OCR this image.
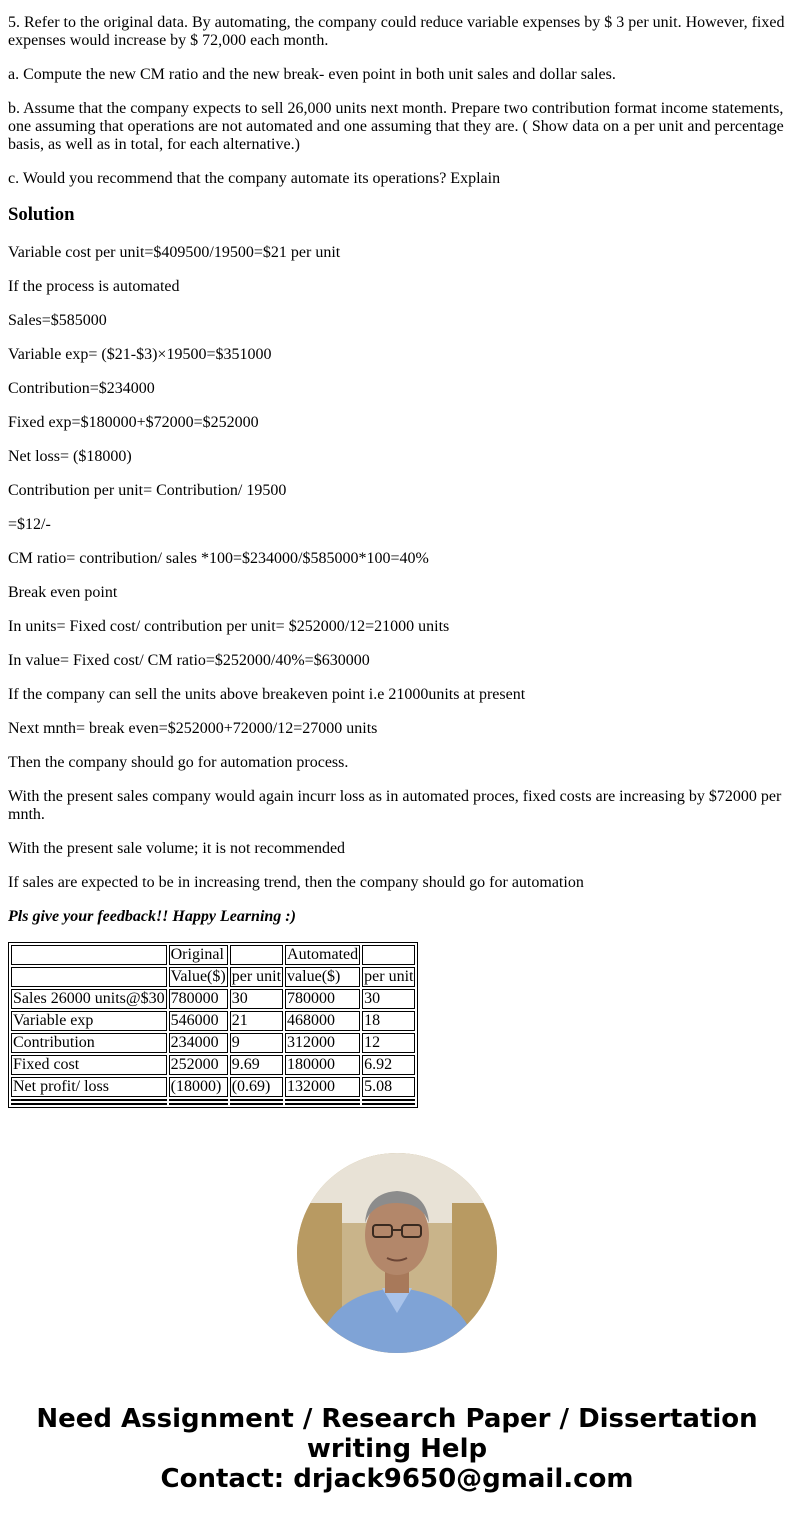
5. Refer to the original data. By automating, the company could reduce variable expenses by $ 3 per unit. However, fixed expenses would increase by $ 72,000 each month.

a. Compute the new CM ratio and the new break- even point in both unit sales and dollar sales.

b. Assume that the company expects to sell 26,000 units next month. Prepare two contribution format income statements, one assuming that operations are not automated and one assuming that they are. ( Show data on a per unit and percentage basis, as well as in total, for each alternative.)

c. Would you recommend that the company automate its operations? Explain

Solution

Variable cost per unit=$409500/19500=$21 per unit

If the process is automated

Sales=$585000

Variable exp= ($21-$3)×19500=$351000

Contribution=$234000

Fixed exp=$180000+$72000=$252000

Net loss= ($18000)

Contribution per unit= Contribution/ 19500

=$12/-

CM ratio= contribution/ sales *100=$234000/$585000*100=40%

Break even point

In units= Fixed cost/ contribution per unit= $252000/12=21000 units

In value= Fixed cost/ CM ratio=$252000/40%=$630000

If the company can sell the units above breakeven point i.e 21000units at present

Next mnth= break even=$252000+72000/12=27000 units

Then the company should go for automation process.

With the present sales company would again incurr loss as in automated proces, fixed costs are increasing by $72000 per mnth.

With the present sale volume; it is not recommended

If sales are expected to be in increasing trend, then the company should go for automation

Pls give your feedback!! Happy Learning :)

	Original		Automated	
	Value($)	per unit	value($)	per unit
Sales 26000 units@$30	780000	30	780000	30
Variable exp	546000	21	468000	18
Contribution	234000	9	312000	12
Fixed cost	252000	9.69	180000	6.92
Net profit/ loss	(18000)	(0.69)	132000	5.08

Need Assignment / Research Paper / Dissertation
writing Help
Contact: drjack9650@gmail.com
